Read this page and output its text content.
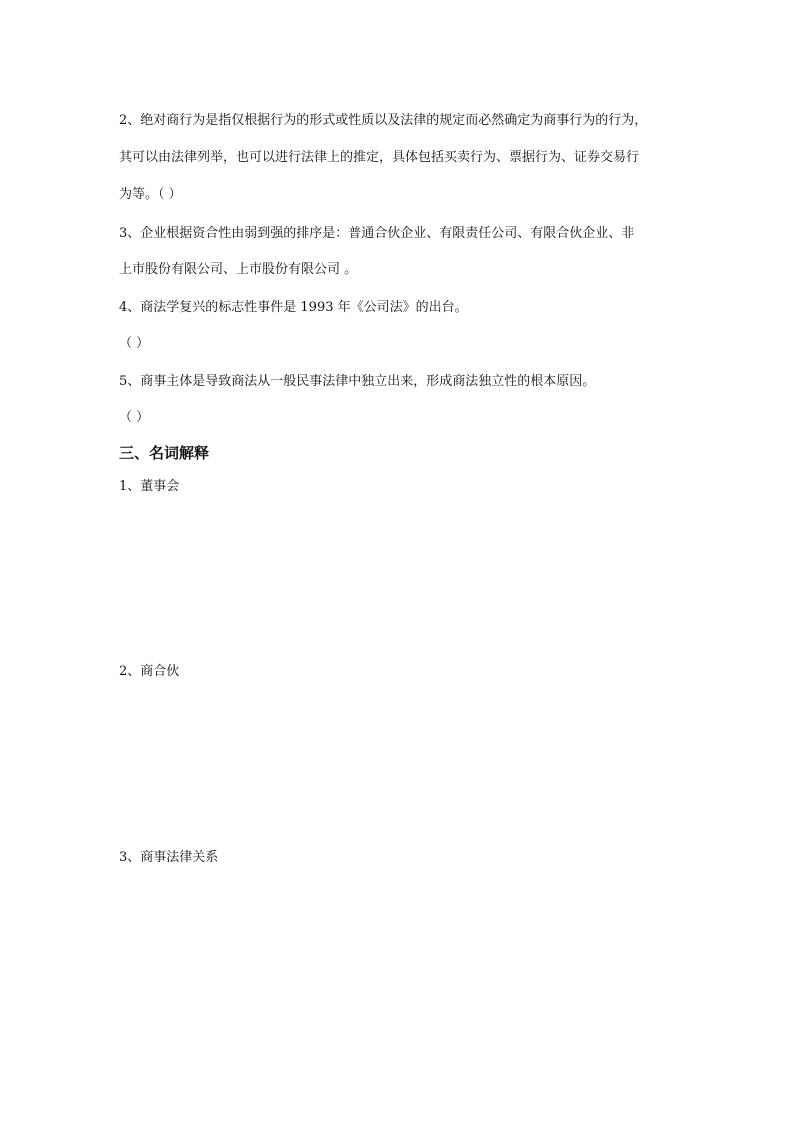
2、绝对商行为是指仅根据行为的形式或性质以及法律的规定而必然确定为商事行为的行为，
其可以由法律列举，也可以进行法律上的推定，具体包括买卖行为、票据行为、证券交易行
为等。（ ）
3、企业根据资合性由弱到强的排序是：普通合伙企业、有限责任公司、有限合伙企业、非
上市股份有限公司、上市股份有限公司 。
4、商法学复兴的标志性事件是 1993 年《公司法》的出台。
（ ）
5、商事主体是导致商法从一般民事法律中独立出来，形成商法独立性的根本原因。
（ ）
三、名词解释
1、董事会
2、商合伙
3、商事法律关系
